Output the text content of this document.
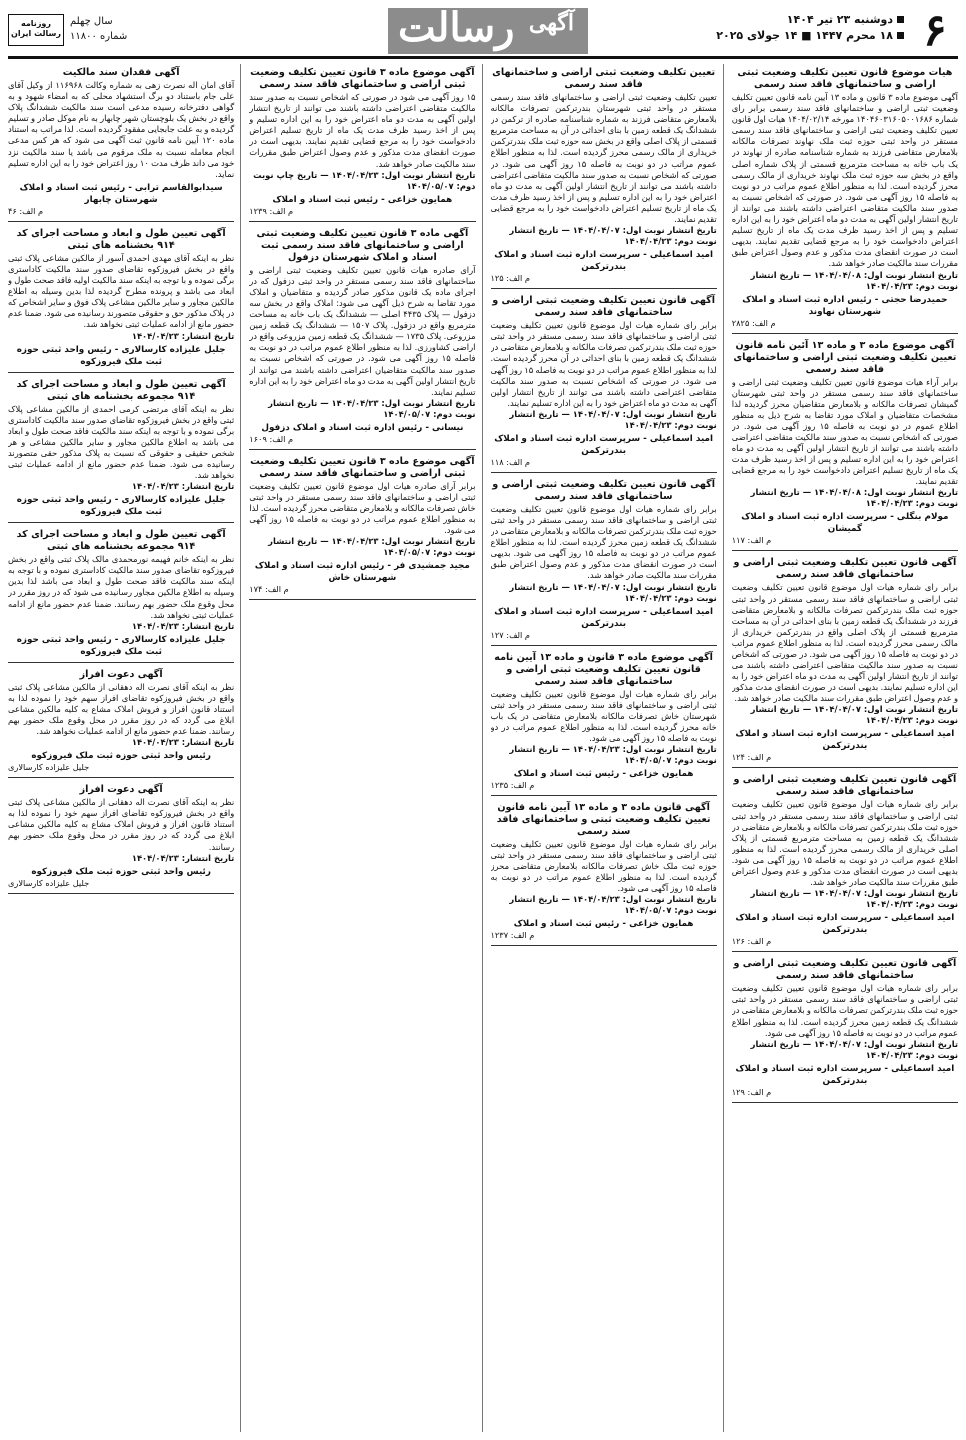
۶
دوشنبه ۲۳ تیر ۱۴۰۴
۱۸ محرم ۱۴۴۷ ■ ۱۴ جولای ۲۰۲۵
آگهی
رسالت
سال چهلم
شماره ۱۱۸۰۰
روزنامه رسالت ایران
هیات موضوع قانون تعیین تکلیف وضعیت ثبتی اراضی و ساختمانهای فاقد سند رسمی
آگهی موضوع ماده ۳ قانون و ماده ۱۳ آیین نامه قانون تعیین تکلیف وضعیت ثبتی اراضی و ساختمانهای فاقد سند رسمی برابر رای شماره ۱۴۰۴۶۰۳۱۶۰۵۰۰۱۶۸۶ مورخه ۱۴۰۴/۰۲/۱۴ هیات اول قانون تعیین تکلیف وضعیت ثبتی اراضی و ساختمانهای فاقد سند رسمی مستقر در واحد ثبتی حوزه ثبت ملک نهاوند تصرفات مالکانه بلامعارض متقاضی فرزند به شماره شناسنامه صادره از نهاوند در یک باب خانه به مساحت مترمربع قسمتی از پلاک شماره اصلی واقع در بخش سه حوزه ثبت ملک نهاوند خریداری از مالک رسمی محرز گردیده است. لذا به منظور اطلاع عموم مراتب در دو نوبت به فاصله ۱۵ روز آگهی می شود. در صورتی که اشخاص نسبت به صدور سند مالکیت متقاضی اعتراضی داشته باشند می توانند از تاریخ انتشار اولین آگهی به مدت دو ماه اعتراض خود را به این اداره تسلیم و پس از اخذ رسید ظرف مدت یک ماه از تاریخ تسلیم اعتراض دادخواست خود را به مرجع قضایی تقدیم نمایند. بدیهی است در صورت انقضای مدت مذکور و عدم وصول اعتراض طبق مقررات سند مالکیت صادر خواهد شد.
تاریخ انتشار نوبت اول: ۱۴۰۴/۰۴/۰۸ — تاریخ انتشار نوبت دوم: ۱۴۰۴/۰۴/۲۳
حمیدرضا حجتی - رئیس اداره ثبت اسناد و املاک شهرستان نهاوند
م الف: ۲۸۲۵
آگهی موضوع ماده ۳ و ماده ۱۳ آئین نامه قانون تعیین تکلیف وضعیت ثبتی اراضی و ساختمانهای فاقد سند رسمی
برابر آراء هیات موضوع قانون تعیین تکلیف وضعیت ثبتی اراضی و ساختمانهای فاقد سند رسمی مستقر در واحد ثبتی شهرستان گمیشان تصرفات مالکانه و بلامعارض متقاضیان محرز گردیده لذا مشخصات متقاضیان و املاک مورد تقاضا به شرح ذیل به منظور اطلاع عموم در دو نوبت به فاصله ۱۵ روز آگهی می شود. در صورتی که اشخاص نسبت به صدور سند مالکیت متقاضی اعتراضی داشته باشند می توانند از تاریخ انتشار اولین آگهی به مدت دو ماه اعتراض خود را به این اداره تسلیم و پس از اخذ رسید ظرف مدت یک ماه از تاریخ تسلیم اعتراض دادخواست خود را به مرجع قضایی تقدیم نمایند.
تاریخ انتشار نوبت اول: ۱۴۰۴/۰۴/۰۸ — تاریخ انتشار نوبت دوم: ۱۴۰۴/۰۴/۲۳
مولام بنگلی - سرپرست اداره ثبت اسناد و املاک گمیشان
م الف: ۱۱۷
آگهی قانون تعیین تکلیف وضعیت ثبتی اراضی و ساختمانهای فاقد سند رسمی
برابر رای شماره هیات اول موضوع قانون تعیین تکلیف وضعیت ثبتی اراضی و ساختمانهای فاقد سند رسمی مستقر در واحد ثبتی حوزه ثبت ملک بندرترکمن تصرفات مالکانه و بلامعارض متقاضی فرزند در ششدانگ یک قطعه زمین با بنای احداثی در آن به مساحت مترمربع قسمتی از پلاک اصلی واقع در بندرترکمن خریداری از مالک رسمی محرز گردیده است. لذا به منظور اطلاع عموم مراتب در دو نوبت به فاصله ۱۵ روز آگهی می شود. در صورتی که اشخاص نسبت به صدور سند مالکیت متقاضی اعتراضی داشته باشند می توانند از تاریخ انتشار اولین آگهی به مدت دو ماه اعتراض خود را به این اداره تسلیم نمایند. بدیهی است در صورت انقضای مدت مذکور و عدم وصول اعتراض طبق مقررات سند مالکیت صادر خواهد شد.
تاریخ انتشار نوبت اول: ۱۴۰۴/۰۴/۰۷ — تاریخ انتشار نوبت دوم: ۱۴۰۴/۰۴/۲۳
امید اسماعیلی - سرپرست اداره ثبت اسناد و املاک بندرترکمن
م الف: ۱۲۴
آگهی قانون تعیین تکلیف وضعیت ثبتی اراضی و ساختمانهای فاقد سند رسمی
برابر رای شماره هیات اول موضوع قانون تعیین تکلیف وضعیت ثبتی اراضی و ساختمانهای فاقد سند رسمی مستقر در واحد ثبتی حوزه ثبت ملک بندرترکمن تصرفات مالکانه و بلامعارض متقاضی در ششدانگ یک قطعه زمین به مساحت مترمربع قسمتی از پلاک اصلی خریداری از مالک رسمی محرز گردیده است. لذا به منظور اطلاع عموم مراتب در دو نوبت به فاصله ۱۵ روز آگهی می شود. بدیهی است در صورت انقضای مدت مذکور و عدم وصول اعتراض طبق مقررات سند مالکیت صادر خواهد شد.
تاریخ انتشار نوبت اول: ۱۴۰۴/۰۴/۰۷ — تاریخ انتشار نوبت دوم: ۱۴۰۴/۰۴/۲۳
امید اسماعیلی - سرپرست اداره ثبت اسناد و املاک بندرترکمن
م الف: ۱۲۶
آگهی قانون تعیین تکلیف وضعیت ثبتی اراضی و ساختمانهای فاقد سند رسمی
برابر رای شماره هیات اول موضوع قانون تعیین تکلیف وضعیت ثبتی اراضی و ساختمانهای فاقد سند رسمی مستقر در واحد ثبتی حوزه ثبت ملک بندرترکمن تصرفات مالکانه و بلامعارض متقاضی در ششدانگ یک قطعه زمین محرز گردیده است. لذا به منظور اطلاع عموم مراتب در دو نوبت به فاصله ۱۵ روز آگهی می شود.
تاریخ انتشار نوبت اول: ۱۴۰۴/۰۴/۰۷ — تاریخ انتشار نوبت دوم: ۱۴۰۴/۰۴/۲۳
امید اسماعیلی - سرپرست اداره ثبت اسناد و املاک بندرترکمن
م الف: ۱۲۹
تعیین تکلیف وضعیت ثبتی اراضی و ساختمانهای فاقد سند رسمی
تعیین تکلیف وضعیت ثبتی اراضی و ساختمانهای فاقد سند رسمی مستقر در واحد ثبتی شهرستان بندرترکمن تصرفات مالکانه بلامعارض متقاضی فرزند به شماره شناسنامه صادره از ترکمن در ششدانگ یک قطعه زمین با بنای احداثی در آن به مساحت مترمربع قسمتی از پلاک اصلی واقع در بخش سه حوزه ثبت ملک بندرترکمن خریداری از مالک رسمی محرز گردیده است. لذا به منظور اطلاع عموم مراتب در دو نوبت به فاصله ۱۵ روز آگهی می شود. در صورتی که اشخاص نسبت به صدور سند مالکیت متقاضی اعتراضی داشته باشند می توانند از تاریخ انتشار اولین آگهی به مدت دو ماه اعتراض خود را به این اداره تسلیم و پس از اخذ رسید ظرف مدت یک ماه از تاریخ تسلیم اعتراض دادخواست خود را به مرجع قضایی تقدیم نمایند.
تاریخ انتشار نوبت اول: ۱۴۰۴/۰۴/۰۷ — تاریخ انتشار نوبت دوم: ۱۴۰۴/۰۴/۲۳
امید اسماعیلی - سرپرست اداره ثبت اسناد و املاک بندرترکمن
م الف: ۱۲۵
آگهی قانون تعیین تکلیف وضعیت ثبتی اراضی و ساختمانهای فاقد سند رسمی
برابر رای شماره هیات اول موضوع قانون تعیین تکلیف وضعیت ثبتی اراضی و ساختمانهای فاقد سند رسمی مستقر در واحد ثبتی حوزه ثبت ملک بندرترکمن تصرفات مالکانه و بلامعارض متقاضی در ششدانگ یک قطعه زمین با بنای احداثی در آن محرز گردیده است. لذا به منظور اطلاع عموم مراتب در دو نوبت به فاصله ۱۵ روز آگهی می شود. در صورتی که اشخاص نسبت به صدور سند مالکیت متقاضی اعتراضی داشته باشند می توانند از تاریخ انتشار اولین آگهی به مدت دو ماه اعتراض خود را به این اداره تسلیم نمایند.
تاریخ انتشار نوبت اول: ۱۴۰۴/۰۴/۰۷ — تاریخ انتشار نوبت دوم: ۱۴۰۴/۰۴/۲۳
امید اسماعیلی - سرپرست اداره ثبت اسناد و املاک بندرترکمن
م الف: ۱۱۸
آگهی قانون تعیین تکلیف وضعیت ثبتی اراضی و ساختمانهای فاقد سند رسمی
برابر رای شماره هیات اول موضوع قانون تعیین تکلیف وضعیت ثبتی اراضی و ساختمانهای فاقد سند رسمی مستقر در واحد ثبتی حوزه ثبت ملک بندرترکمن تصرفات مالکانه و بلامعارض متقاضی در ششدانگ یک قطعه زمین محرز گردیده است. لذا به منظور اطلاع عموم مراتب در دو نوبت به فاصله ۱۵ روز آگهی می شود. بدیهی است در صورت انقضای مدت مذکور و عدم وصول اعتراض طبق مقررات سند مالکیت صادر خواهد شد.
تاریخ انتشار نوبت اول: ۱۴۰۴/۰۴/۰۷ — تاریخ انتشار نوبت دوم: ۱۴۰۴/۰۴/۲۳
امید اسماعیلی - سرپرست اداره ثبت اسناد و املاک بندرترکمن
م الف: ۱۲۷
آگهی موضوع ماده ۳ قانون و ماده ۱۳ آیین نامه قانون تعیین تکلیف وضعیت ثبتی اراضی و ساختمانهای فاقد سند رسمی
برابر رای شماره هیات اول موضوع قانون تعیین تکلیف وضعیت ثبتی اراضی و ساختمانهای فاقد سند رسمی مستقر در واحد ثبتی شهرستان خاش تصرفات مالکانه بلامعارض متقاضی در یک باب خانه محرز گردیده است. لذا به منظور اطلاع عموم مراتب در دو نوبت به فاصله ۱۵ روز آگهی می شود.
تاریخ انتشار نوبت اول: ۱۴۰۴/۰۴/۲۳ — تاریخ انتشار نوبت دوم: ۱۴۰۴/۰۵/۰۷
همایون خزاعی - رئیس ثبت اسناد و املاک
م الف: ۱۲۳۵
آگهی قانون ماده ۳ و ماده ۱۳ آیین نامه قانون تعیین تکلیف وضعیت ثبتی و ساختمانهای فاقد سند رسمی
برابر رای شماره هیات اول موضوع قانون تعیین تکلیف وضعیت ثبتی اراضی و ساختمانهای فاقد سند رسمی مستقر در واحد ثبتی حوزه ثبت ملک خاش تصرفات مالکانه بلامعارض متقاضی محرز گردیده است. لذا به منظور اطلاع عموم مراتب در دو نوبت به فاصله ۱۵ روز آگهی می شود.
تاریخ انتشار نوبت اول: ۱۴۰۴/۰۴/۲۳ — تاریخ انتشار نوبت دوم: ۱۴۰۴/۰۵/۰۷
همایون خزاعی - رئیس ثبت اسناد و املاک
م الف: ۱۲۳۷
آگهی موضوع ماده ۳ قانون تعیین تکلیف وضعیت ثبتی اراضی و ساختمانهای فاقد سند رسمی
۱۵ روز آگهی می شود در صورتی که اشخاص نسبت به صدور سند مالکیت متقاضی اعتراضی داشته باشند می توانند از تاریخ انتشار اولین آگهی به مدت دو ماه اعتراض خود را به این اداره تسلیم و پس از اخذ رسید ظرف مدت یک ماه از تاریخ تسلیم اعتراض دادخواست خود را به مرجع قضایی تقدیم نمایند. بدیهی است در صورت انقضای مدت مذکور و عدم وصول اعتراض طبق مقررات سند مالکیت صادر خواهد شد.
تاریخ انتشار نوبت اول: ۱۴۰۴/۰۴/۲۳ — تاریخ چاپ نوبت دوم: ۱۴۰۴/۰۵/۰۷
همایون خزاعی - رئیس ثبت اسناد و املاک
م الف: ۱۲۳۹
آگهی ماده ۳ قانون تعیین تکلیف وضعیت ثبتی اراضی و ساختمانهای فاقد سند رسمی ثبت اسناد و املاک شهرستان دزفول
آرای صادره هیات قانون تعیین تکلیف وضعیت ثبتی اراضی و ساختمانهای فاقد سند رسمی مستقر در واحد ثبتی دزفول که در اجرای ماده یک قانون مذکور صادر گردیده و متقاضیان و املاک مورد تقاضا به شرح ذیل آگهی می شود: املاک واقع در بخش سه دزفول — پلاک ۴۴۳۵ اصلی — ششدانگ یک باب خانه به مساحت مترمربع واقع در دزفول. پلاک ۱۵۰۷ — ششدانگ یک قطعه زمین مزروعی. پلاک ۱۷۳۵ — ششدانگ یک قطعه زمین مزروعی واقع در اراضی کشاورزی. لذا به منظور اطلاع عموم مراتب در دو نوبت به فاصله ۱۵ روز آگهی می شود. در صورتی که اشخاص نسبت به صدور سند مالکیت متقاضیان اعتراضی داشته باشند می توانند از تاریخ انتشار اولین آگهی به مدت دو ماه اعتراض خود را به این اداره تسلیم نمایند.
تاریخ انتشار نوبت اول: ۱۴۰۴/۰۴/۲۳ — تاریخ انتشار نوبت دوم: ۱۴۰۴/۰۵/۰۷
نیسانی - رئیس اداره ثبت اسناد و املاک دزفول
م الف: ۱۶۰۹
آگهی موضوع ماده ۳ قانون تعیین تکلیف وضعیت ثبتی اراضی و ساختمانهای فاقد سند رسمی
برابر آرای صادره هیات اول موضوع قانون تعیین تکلیف وضعیت ثبتی اراضی و ساختمانهای فاقد سند رسمی مستقر در واحد ثبتی خاش تصرفات مالکانه و بلامعارض متقاضی محرز گردیده است. لذا به منظور اطلاع عموم مراتب در دو نوبت به فاصله ۱۵ روز آگهی می شود.
تاریخ انتشار نوبت اول: ۱۴۰۴/۰۴/۲۳ — تاریخ انتشار نوبت دوم: ۱۴۰۴/۰۵/۰۷
مجید جمشیدی فر - رئیس اداره ثبت اسناد و املاک شهرستان خاش
م الف: ۱۷۴
آگهی فقدان سند مالکیت
آقای امان اله نصرت زهی به شماره وکالت ۱۱۶۹۶۸ از وکیل آقای علی جام باستناد دو برگ استشهاد محلی که به امضاء شهود و به گواهی دفترخانه رسیده مدعی است سند مالکیت ششدانگ پلاک واقع در بخش یک بلوچستان شهر چابهار به نام موکل صادر و تسلیم گردیده و به علت جابجایی مفقود گردیده است. لذا مراتب به استناد ماده ۱۲۰ آیین نامه قانون ثبت آگهی می شود که هر کس مدعی انجام معامله نسبت به ملک مرقوم می باشد یا سند مالکیت نزد خود می داند ظرف مدت ۱۰ روز اعتراض خود را به این اداره تسلیم نماید.
سیدابوالقاسم ترابی - رئیس ثبت اسناد و املاک شهرستان چابهار
م الف: ۴۶
آگهی تعیین طول و ابعاد و مساحت اجرای کد ۹۱۴ بخشنامه های ثبتی
نظر به اینکه آقای مهدی احمدی آسور از مالکین مشاعی پلاک ثبتی واقع در بخش فیروزکوه تقاضای صدور سند مالکیت کاداستری برگی نموده و با توجه به اینکه سند مالکیت اولیه فاقد صحت طول و ابعاد می باشد و پرونده مطرح گردیده لذا بدین وسیله به اطلاع مالکین مجاور و سایر مالکین مشاعی پلاک فوق و سایر اشخاص که در پلاک مذکور حق و حقوقی متصورند رسانیده می شود. ضمنا عدم حضور مانع از ادامه عملیات ثبتی نخواهد شد.
تاریخ انتشار: ۱۴۰۴/۰۴/۲۳
جلیل علیزاده کارسالاری - رئیس واحد ثبتی حوزه ثبت ملک فیروزکوه
آگهی تعیین طول و ابعاد و مساحت اجرای کد ۹۱۴ مجموعه بخشنامه های ثبتی
نظر به اینکه آقای مرتضی کرمی احمدی از مالکین مشاعی پلاک ثبتی واقع در بخش فیروزکوه تقاضای صدور سند مالکیت کاداستری برگی نموده و با توجه به اینکه سند مالکیت فاقد صحت طول و ابعاد می باشد به اطلاع مالکین مجاور و سایر مالکین مشاعی و هر شخص حقیقی و حقوقی که نسبت به پلاک مذکور حقی متصورند رسانیده می شود. ضمنا عدم حضور مانع از ادامه عملیات ثبتی نخواهد شد.
تاریخ انتشار: ۱۴۰۴/۰۴/۲۳
جلیل علیزاده کارسالاری - رئیس واحد ثبتی حوزه ثبت ملک فیروزکوه
آگهی تعیین طول و ابعاد و مساحت اجرای کد ۹۱۴ مجموعه بخشنامه های ثبتی
نظر به اینکه خانم فهیمه نورمحمدی مالک پلاک ثبتی واقع در بخش فیروزکوه تقاضای صدور سند مالکیت کاداستری نموده و با توجه به اینکه سند مالکیت فاقد صحت طول و ابعاد می باشد لذا بدین وسیله به اطلاع مالکین مجاور رسانیده می شود که در روز مقرر در محل وقوع ملک حضور بهم رسانند. ضمنا عدم حضور مانع از ادامه عملیات ثبتی نخواهد شد.
تاریخ انتشار: ۱۴۰۴/۰۴/۲۳
جلیل علیزاده کارسالاری - رئیس واحد ثبتی حوزه ثبت ملک فیروزکوه
آگهی دعوت افراز
نظر به اینکه آقای نصرت اله دهقانی از مالکین مشاعی پلاک ثبتی واقع در بخش فیروزکوه تقاضای افراز سهم خود را نموده لذا به استناد قانون افراز و فروش املاک مشاع به کلیه مالکین مشاعی ابلاغ می گردد که در روز مقرر در محل وقوع ملک حضور بهم رسانند. ضمنا عدم حضور مانع از ادامه عملیات نخواهد شد.
تاریخ انتشار: ۱۴۰۴/۰۴/۲۳
رئیس واحد ثبتی حوزه ثبت ملک فیروزکوه
جلیل علیزاده کارسالاری
آگهی دعوت افراز
نظر به اینکه آقای نصرت اله دهقانی از مالکین مشاعی پلاک ثبتی واقع در بخش فیروزکوه تقاضای افراز سهم خود را نموده لذا به استناد قانون افراز و فروش املاک مشاع به کلیه مالکین مشاعی ابلاغ می گردد که در روز مقرر در محل وقوع ملک حضور بهم رسانند.
تاریخ انتشار: ۱۴۰۴/۰۴/۲۳
رئیس واحد ثبتی حوزه ثبت ملک فیروزکوه
جلیل علیزاده کارسالاری
